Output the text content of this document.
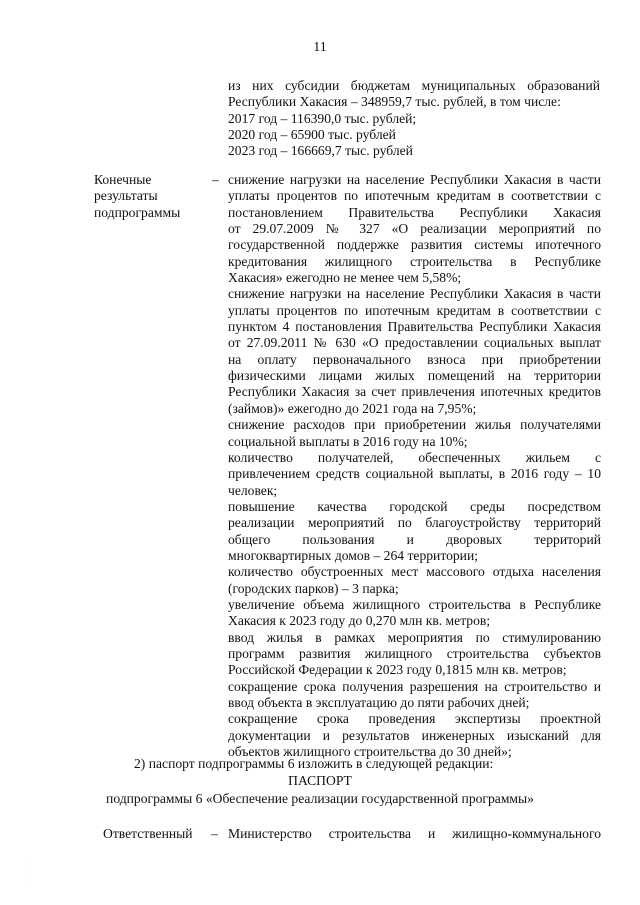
11
из них субсидии бюджетам муниципальных образований
Республики Хакасия – 348959,7 тыс. рублей, в том числе:
2017 год – 116390,0 тыс. рублей;
2020 год – 65900 тыс. рублей
2023 год – 166669,7 тыс. рублей
Конечные
результаты
подпрограммы
– снижение нагрузки на население Республики Хакасия в части
уплаты процентов по ипотечным кредитам в соответствии с
постановлением Правительства Республики Хакасия
от 29.07.2009 № 327 «О реализации мероприятий по
государственной поддержке развития системы ипотечного
кредитования жилищного строительства в Республике
Хакасия» ежегодно не менее чем 5,58%;
снижение нагрузки на население Республики Хакасия в части
уплаты процентов по ипотечным кредитам в соответствии с
пунктом 4 постановления Правительства Республики Хакасия
от 27.09.2011 № 630 «О предоставлении социальных выплат
на оплату первоначального взноса при приобретении
физическими лицами жилых помещений на территории
Республики Хакасия за счет привлечения ипотечных кредитов
(займов)» ежегодно до 2021 года на 7,95%;
снижение расходов при приобретении жилья получателями
социальной выплаты в 2016 году на 10%;
количество получателей, обеспеченных жильем с
привлечением средств социальной выплаты, в 2016 году – 10
человек;
повышение качества городской среды посредством
реализации мероприятий по благоустройству территорий
общего пользования и дворовых территорий
многоквартирных домов – 264 территории;
количество обустроенных мест массового отдыха населения
(городских парков) – 3 парка;
увеличение объема жилищного строительства в Республике
Хакасия к 2023 году до 0,270 млн кв. метров;
ввод жилья в рамках мероприятия по стимулированию
программ развития жилищного строительства субъектов
Российской Федерации к 2023 году 0,1815 млн кв. метров;
сокращение срока получения разрешения на строительство и
ввод объекта в эксплуатацию до пяти рабочих дней;
сокращение срока проведения экспертизы проектной
документации и результатов инженерных изысканий для
объектов жилищного строительства до 30 дней»;
2) паспорт подпрограммы 6 изложить в следующей редакции:
ПАСПОРТ
подпрограммы 6 «Обеспечение реализации государственной программы»
Ответственный – Министерство строительства и жилищно-коммунального
·
·
·
